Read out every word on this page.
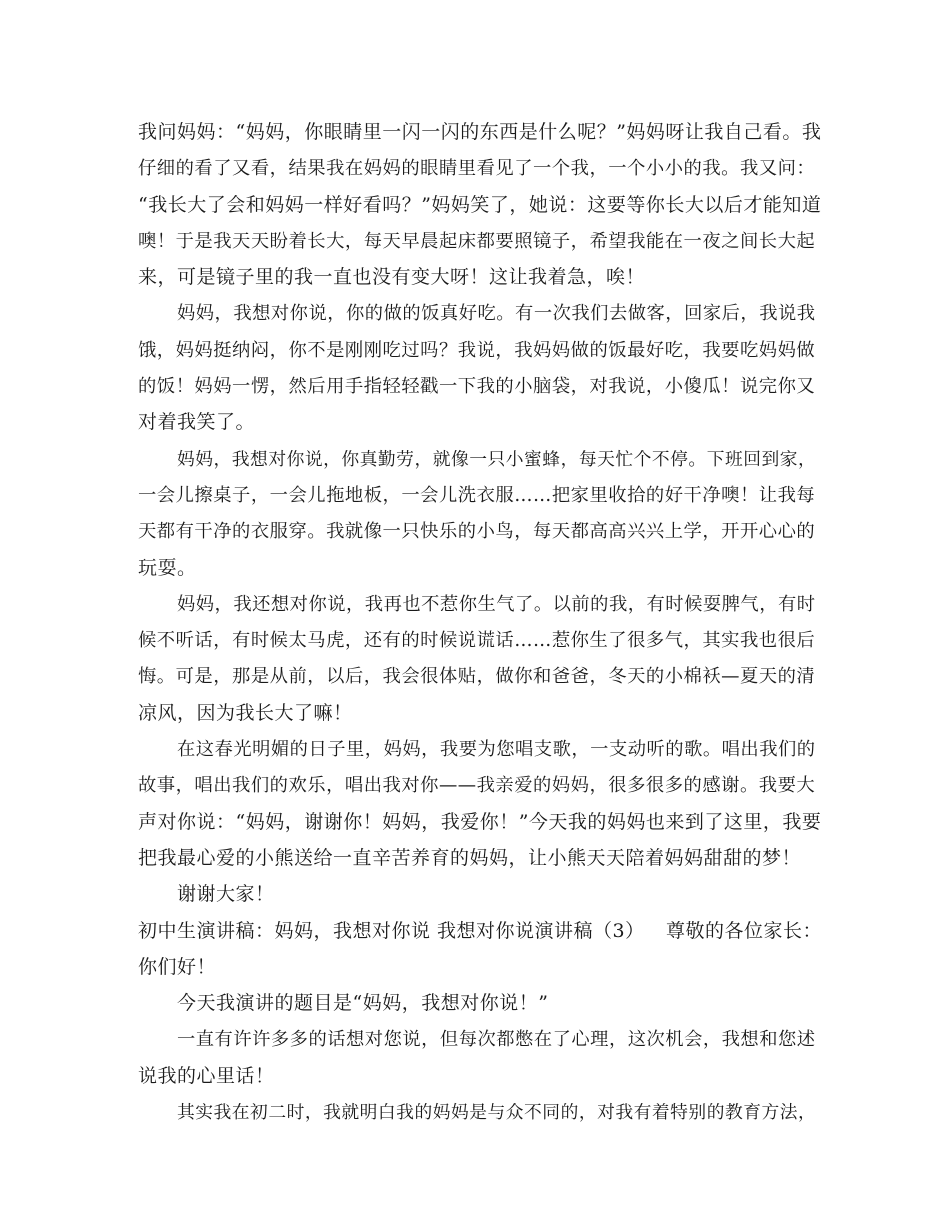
我问妈妈：“妈妈，你眼睛里一闪一闪的东西是什么呢？”妈妈呀让我自己看。我
仔细的看了又看，结果我在妈妈的眼睛里看见了一个我，一个小小的我。我又问：
“我长大了会和妈妈一样好看吗？”妈妈笑了，她说：这要等你长大以后才能知道
噢！于是我天天盼着长大，每天早晨起床都要照镜子，希望我能在一夜之间长大起
来，可是镜子里的我一直也没有变大呀！这让我着急，唉！
妈妈，我想对你说，你的做的饭真好吃。有一次我们去做客，回家后，我说我
饿，妈妈挺纳闷，你不是刚刚吃过吗？我说，我妈妈做的饭最好吃，我要吃妈妈做
的饭！妈妈一愣，然后用手指轻轻戳一下我的小脑袋，对我说，小傻瓜！说完你又
对着我笑了。
妈妈，我想对你说，你真勤劳，就像一只小蜜蜂，每天忙个不停。下班回到家，
一会儿擦桌子，一会儿拖地板，一会儿洗衣服……把家里收拾的好干净噢！让我每
天都有干净的衣服穿。我就像一只快乐的小鸟，每天都高高兴兴上学，开开心心的
玩耍。
妈妈，我还想对你说，我再也不惹你生气了。以前的我，有时候耍脾气，有时
候不听话，有时候太马虎，还有的时候说谎话……惹你生了很多气，其实我也很后
悔。可是，那是从前，以后，我会很体贴，做你和爸爸，冬天的小棉袄—夏天的清
凉风，因为我长大了嘛！
在这春光明媚的日子里，妈妈，我要为您唱支歌，一支动听的歌。唱出我们的
故事，唱出我们的欢乐，唱出我对你——我亲爱的妈妈，很多很多的感谢。我要大
声对你说：“妈妈，谢谢你！妈妈，我爱你！”今天我的妈妈也来到了这里，我要
把我最心爱的小熊送给一直辛苦养育的妈妈，让小熊天天陪着妈妈甜甜的梦！
谢谢大家！
初中生演讲稿：妈妈，我想对你说 我想对你说演讲稿（3） 尊敬的各位家长：
你们好！
今天我演讲的题目是“妈妈，我想对你说！”
一直有许许多多的话想对您说，但每次都憋在了心理，这次机会，我想和您述
说我的心里话！
其实我在初二时，我就明白我的妈妈是与众不同的，对我有着特别的教育方法，
